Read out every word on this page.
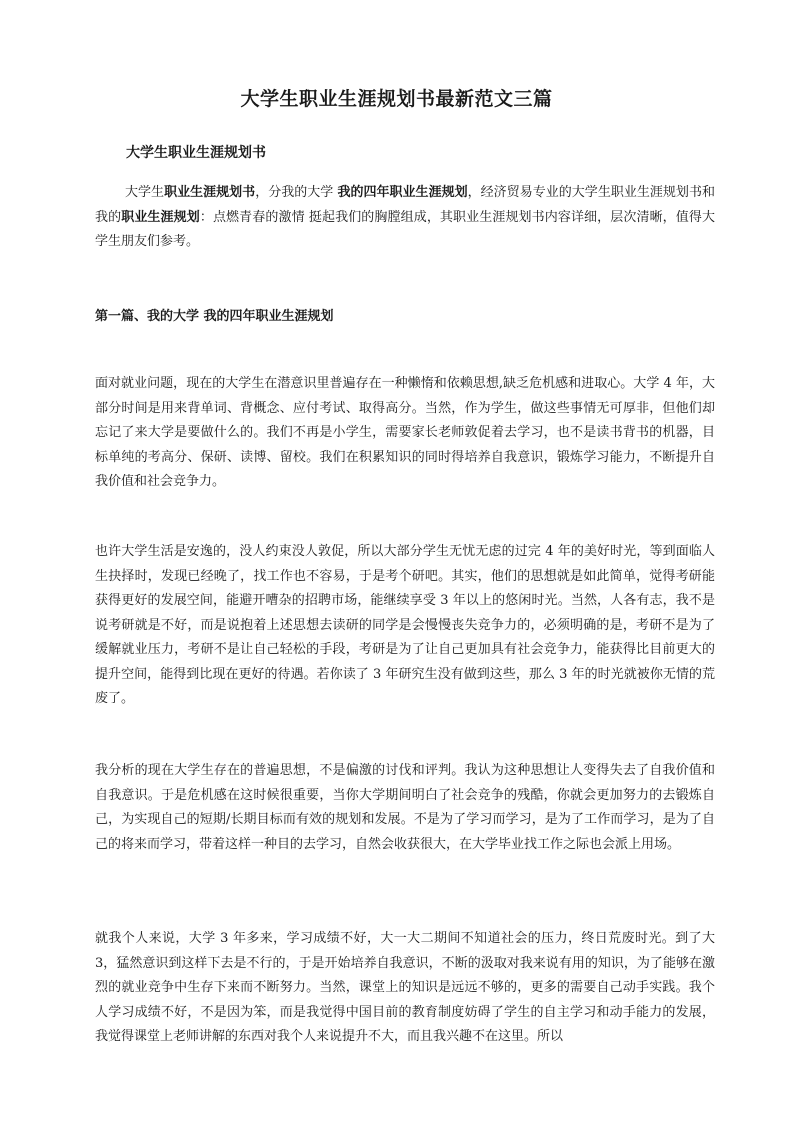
大学生职业生涯规划书最新范文三篇
大学生职业生涯规划书

大学生职业生涯规划书，分我的大学 我的四年职业生涯规划，经济贸易专业的大学生职业生涯规划书和我的职业生涯规划：点燃青春的激情 挺起我们的胸膛组成，其职业生涯规划书内容详细，层次清晰，值得大学生朋友们参考。

第一篇、我的大学 我的四年职业生涯规划

面对就业问题，现在的大学生在潜意识里普遍存在一种懒惰和依赖思想,缺乏危机感和进取心。大学 4 年，大部分时间是用来背单词、背概念、应付考试、取得高分。当然，作为学生，做这些事情无可厚非，但他们却忘记了来大学是要做什么的。我们不再是小学生，需要家长老师敦促着去学习，也不是读书背书的机器，目标单纯的考高分、保研、读博、留校。我们在积累知识的同时得培养自我意识，锻炼学习能力，不断提升自我价值和社会竞争力。

也许大学生活是安逸的，没人约束没人敦促，所以大部分学生无忧无虑的过完 4 年的美好时光，等到面临人生抉择时，发现已经晚了，找工作也不容易，于是考个研吧。其实，他们的思想就是如此简单，觉得考研能获得更好的发展空间，能避开嘈杂的招聘市场，能继续享受 3 年以上的悠闲时光。当然，人各有志，我不是说考研就是不好，而是说抱着上述思想去读研的同学是会慢慢丧失竞争力的，必须明确的是，考研不是为了缓解就业压力，考研不是让自己轻松的手段，考研是为了让自己更加具有社会竞争力，能获得比目前更大的提升空间，能得到比现在更好的待遇。若你读了 3 年研究生没有做到这些，那么 3 年的时光就被你无情的荒废了。

我分析的现在大学生存在的普遍思想，不是偏激的讨伐和评判。我认为这种思想让人变得失去了自我价值和自我意识。于是危机感在这时候很重要，当你大学期间明白了社会竞争的残酷，你就会更加努力的去锻炼自己，为实现自己的短期/长期目标而有效的规划和发展。不是为了学习而学习，是为了工作而学习，是为了自己的将来而学习，带着这样一种目的去学习，自然会收获很大，在大学毕业找工作之际也会派上用场。

就我个人来说，大学 3 年多来，学习成绩不好，大一大二期间不知道社会的压力，终日荒废时光。到了大 3，猛然意识到这样下去是不行的，于是开始培养自我意识，不断的汲取对我来说有用的知识，为了能够在激烈的就业竞争中生存下来而不断努力。当然，课堂上的知识是远远不够的，更多的需要自己动手实践。我个人学习成绩不好，不是因为笨，而是我觉得中国目前的教育制度妨碍了学生的自主学习和动手能力的发展，我觉得课堂上老师讲解的东西对我个人来说提升不大，而且我兴趣不在这里。所以
